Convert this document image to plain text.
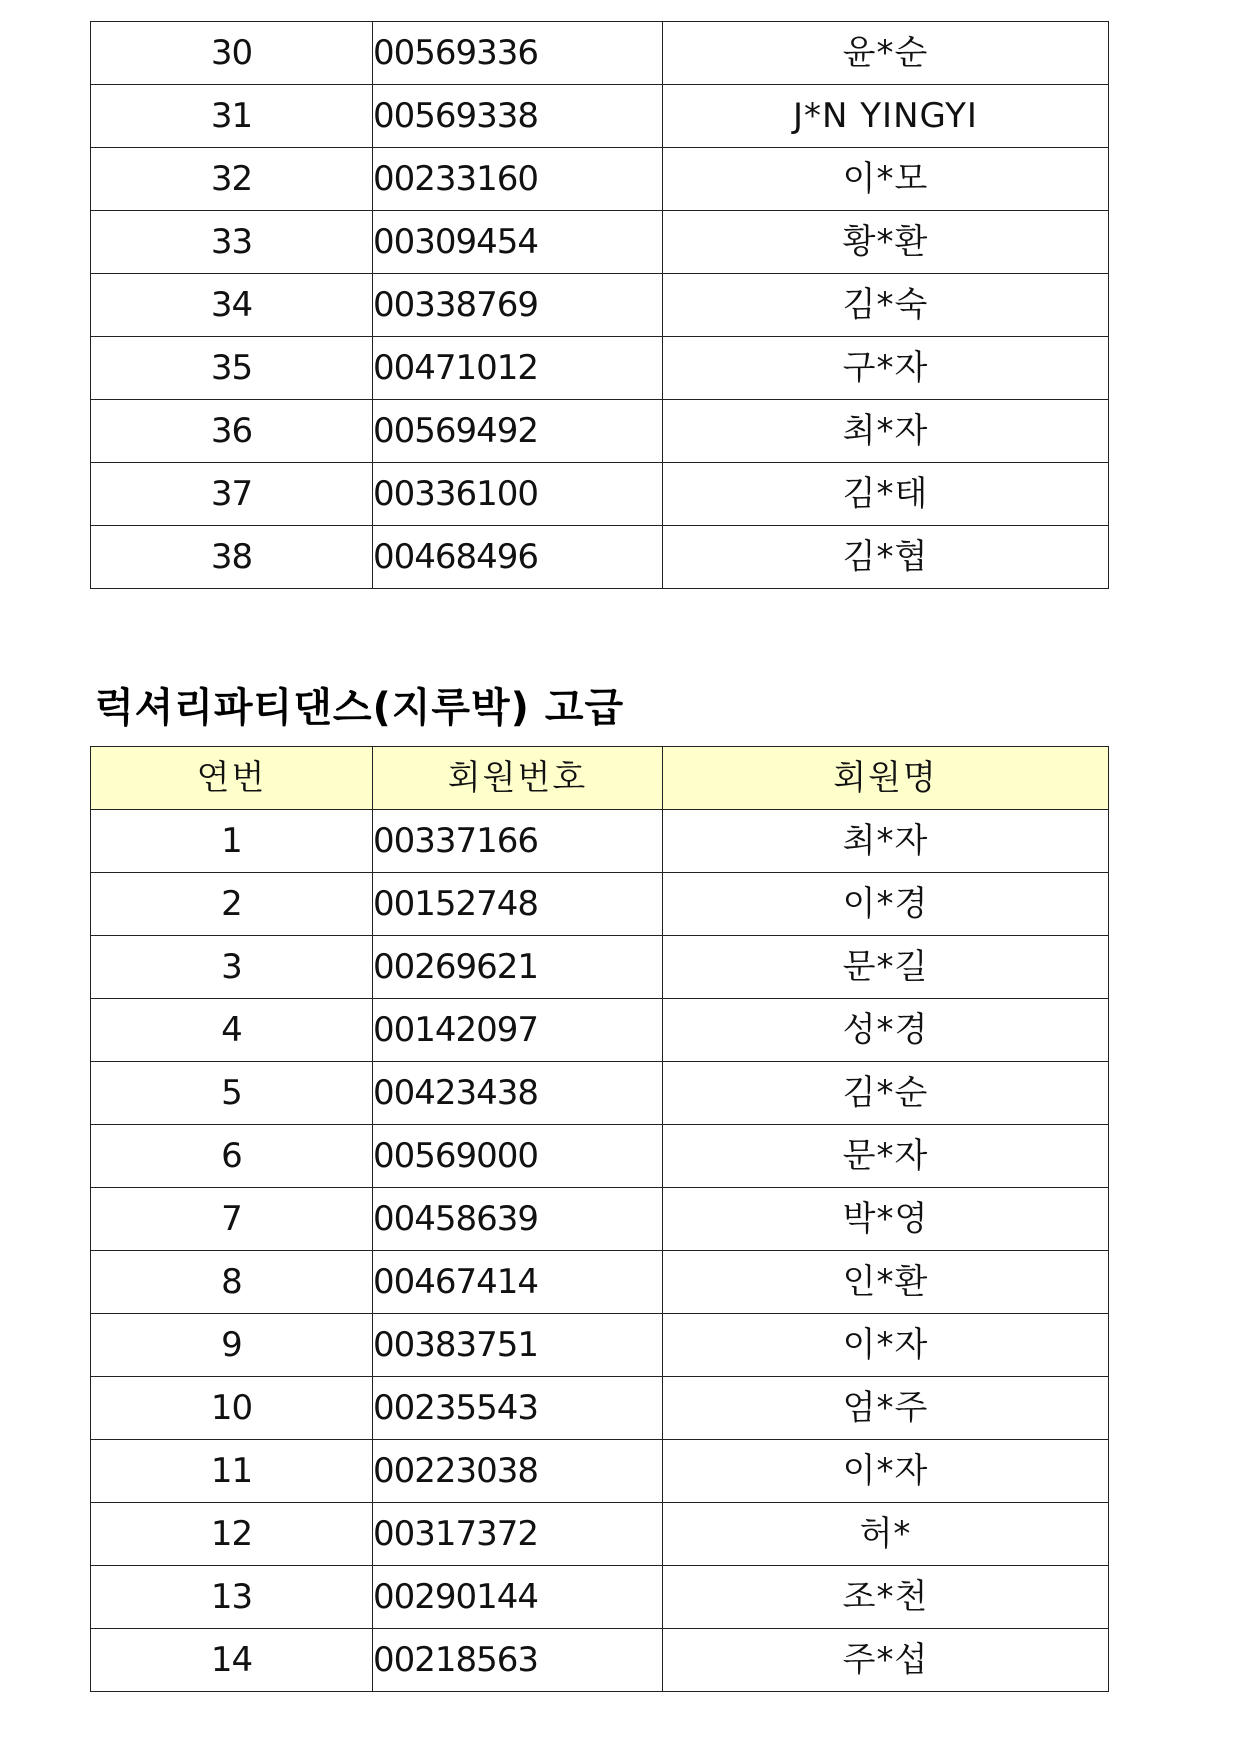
30	00569336	윤*순
31	00569338	J*N YINGYI
32	00233160	이*모
33	00309454	황*환
34	00338769	김*숙
35	00471012	구*자
36	00569492	최*자
37	00336100	김*태
38	00468496	김*협
럭셔리파티댄스(지루박) 고급
연번	회원번호	회원명
1	00337166	최*자
2	00152748	이*경
3	00269621	문*길
4	00142097	성*경
5	00423438	김*순
6	00569000	문*자
7	00458639	박*영
8	00467414	인*환
9	00383751	이*자
10	00235543	엄*주
11	00223038	이*자
12	00317372	허*
13	00290144	조*천
14	00218563	주*섭
